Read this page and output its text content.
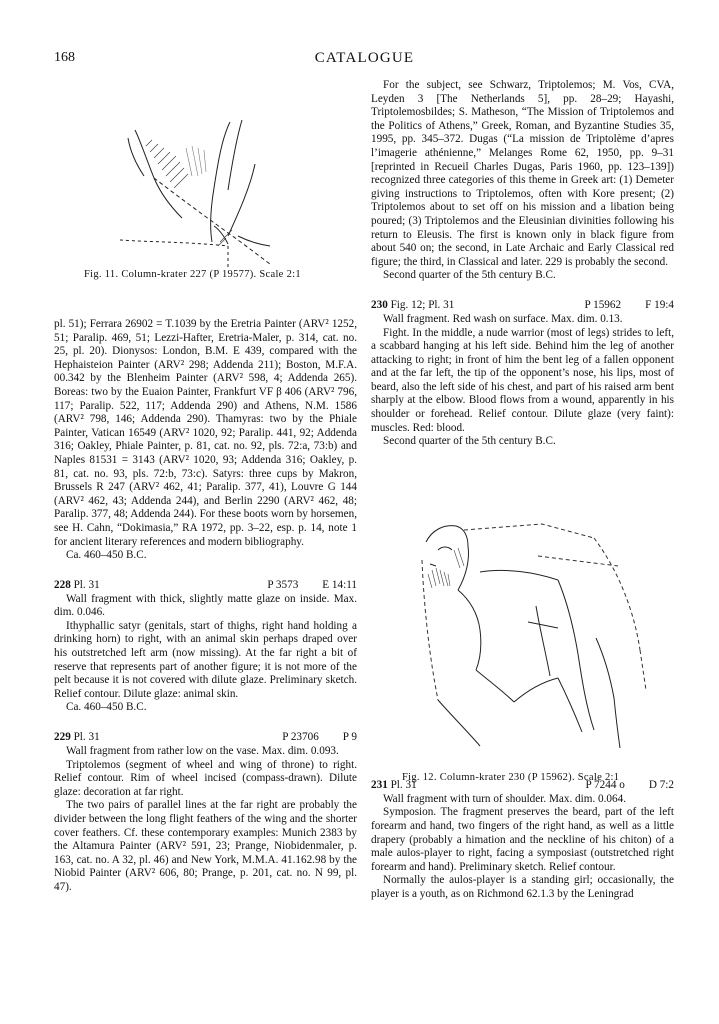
168	CATALOGUE
Fig. 11. Column-krater 227 (P 19577). Scale 2:1

pl. 51); Ferrara 26902 = T.1039 by the Eretria Painter (ARV² 1252, 51; Paralip. 469, 51; Lezzi-Hafter, Eretria-Maler, p. 314, cat. no. 25, pl. 20). Dionysos: London, B.M. E 439, compared with the Hephaisteion Painter (ARV² 298; Addenda 211); Boston, M.F.A. 00.342 by the Blenheim Painter (ARV² 598, 4; Addenda 265). Boreas: two by the Euaion Painter, Frankfurt VF β 406 (ARV² 796, 117; Paralip. 522, 117; Addenda 290) and Athens, N.M. 1586 (ARV² 798, 146; Addenda 290). Thamyras: two by the Phiale Painter, Vatican 16549 (ARV² 1020, 92; Paralip. 441, 92; Addenda 316; Oakley, Phiale Painter, p. 81, cat. no. 92, pls. 72:a, 73:b) and Naples 81531 = 3143 (ARV² 1020, 93; Addenda 316; Oakley, p. 81, cat. no. 93, pls. 72:b, 73:c). Satyrs: three cups by Makron, Brussels R 247 (ARV² 462, 41; Paralip. 377, 41), Louvre G 144 (ARV² 462, 43; Addenda 244), and Berlin 2290 (ARV² 462, 48; Paralip. 377, 48; Addenda 244). For these boots worn by horsemen, see H. Cahn, “Dokimasia,” RA 1972, pp. 3–22, esp. p. 14, note 1 for ancient literary references and modern bibliography.

Ca. 460–450 B.C.

228 Pl. 31	P 3573 E 14:11

Wall fragment with thick, slightly matte glaze on inside. Max. dim. 0.046.

Ithyphallic satyr (genitals, start of thighs, right hand holding a drinking horn) to right, with an animal skin perhaps draped over his outstretched left arm (now missing). At the far right a bit of reserve that represents part of another figure; it is not more of the pelt because it is not covered with dilute glaze. Preliminary sketch. Relief contour. Dilute glaze: animal skin.

Ca. 460–450 B.C.

229 Pl. 31	P 23706 P 9

Wall fragment from rather low on the vase. Max. dim. 0.093.

Triptolemos (segment of wheel and wing of throne) to right. Relief contour. Rim of wheel incised (compass-drawn). Dilute glaze: decoration at far right.

The two pairs of parallel lines at the far right are probably the divider between the long flight feathers of the wing and the shorter cover feathers. Cf. these contemporary examples: Munich 2383 by the Altamura Painter (ARV² 591, 23; Prange, Niobidenmaler, p. 163, cat. no. A 32, pl. 46) and New York, M.M.A. 41.162.98 by the Niobid Painter (ARV² 606, 80; Prange, p. 201, cat. no. N 99, pl. 47).

For the subject, see Schwarz, Triptolemos; M. Vos, CVA, Leyden 3 [The Netherlands 5], pp. 28–29; Hayashi, Triptolemosbildes; S. Matheson, “The Mission of Triptolemos and the Politics of Athens,” Greek, Roman, and Byzantine Studies 35, 1995, pp. 345–372. Dugas (“La mission de Triptolème d’apres l’imagerie athénienne,” Melanges Rome 62, 1950, pp. 9–31 [reprinted in Recueil Charles Dugas, Paris 1960, pp. 123–139]) recognized three categories of this theme in Greek art: (1) Demeter giving instructions to Triptolemos, often with Kore present; (2) Triptolemos about to set off on his mission and a libation being poured; (3) Triptolemos and the Eleusinian divinities following his return to Eleusis. The first is known only in black figure from about 540 on; the second, in Late Archaic and Early Classical red figure; the third, in Classical and later. 229 is probably the second.

Second quarter of the 5th century B.C.

230 Fig. 12; Pl. 31	P 15962 F 19:4

Wall fragment. Red wash on surface. Max. dim. 0.13.

Fight. In the middle, a nude warrior (most of legs) strides to left, a scabbard hanging at his left side. Behind him the leg of another attacking to right; in front of him the bent leg of a fallen opponent and at the far left, the tip of the opponent’s nose, his lips, most of beard, also the left side of his chest, and part of his raised arm bent sharply at the elbow. Blood flows from a wound, apparently in his shoulder or forehead. Relief contour. Dilute glaze (very faint): muscles. Red: blood.

Second quarter of the 5th century B.C.

231 Pl. 31	P 7244 o D 7:2

Wall fragment with turn of shoulder. Max. dim. 0.064.

Symposion. The fragment preserves the beard, part of the left forearm and hand, two fingers of the right hand, as well as a little drapery (probably a himation and the neckline of his chiton) of a male aulos-player to right, facing a symposiast (outstretched right forearm and hand). Preliminary sketch. Relief contour.

Normally the aulos-player is a standing girl; occasionally, the player is a youth, as on Richmond 62.1.3 by the Leningrad

Fig. 12. Column-krater 230 (P 15962). Scale 2:1
